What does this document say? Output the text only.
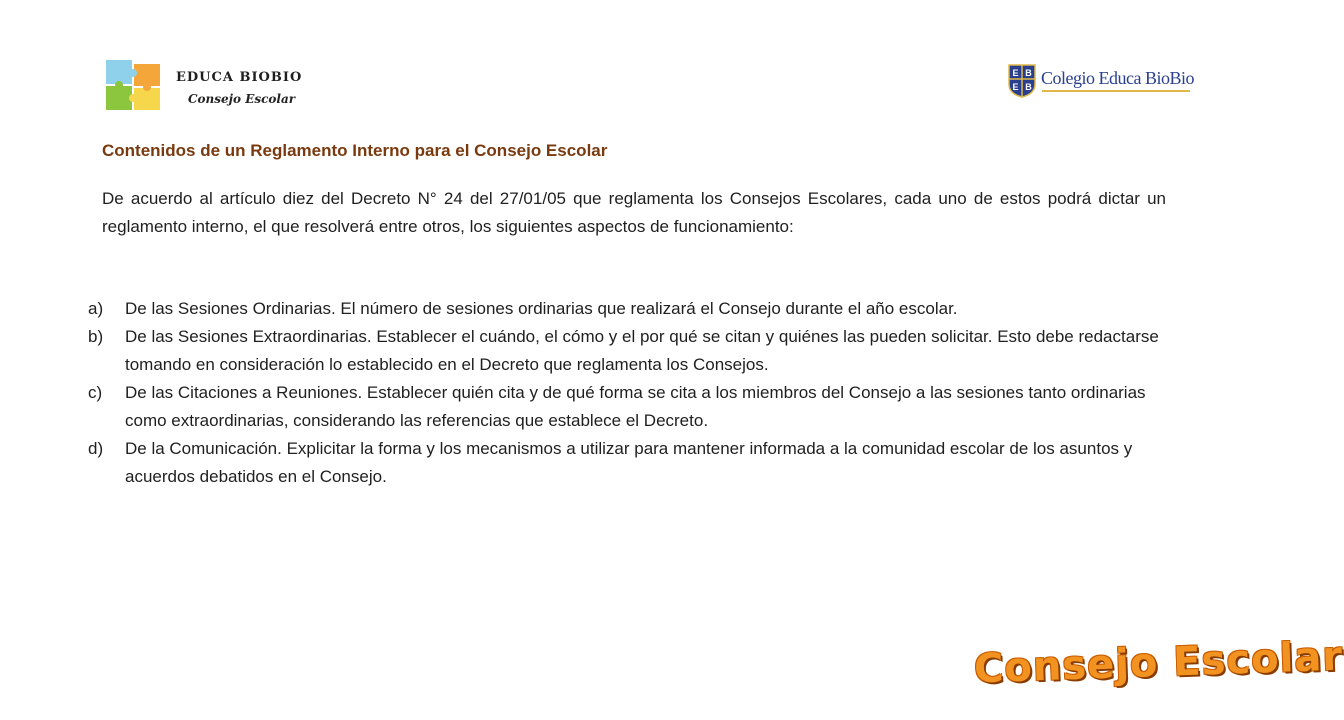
EDUCA BIOBIO
Consejo Escolar
E B
E B Colegio Educa BioBio
Contenidos de un Reglamento Interno para el Consejo Escolar

De acuerdo al artículo diez del Decreto N° 24 del 27/01/05 que reglamenta los Consejos Escolares, cada uno de estos podrá dictar un reglamento interno, el que resolverá entre otros, los siguientes aspectos de funcionamiento:

a) De las Sesiones Ordinarias. El número de sesiones ordinarias que realizará el Consejo durante el año escolar.
b) De las Sesiones Extraordinarias. Establecer el cuándo, el cómo y el por qué se citan y quiénes las pueden solicitar. Esto debe redactarse tomando en consideración lo establecido en el Decreto que reglamenta los Consejos.
c) De las Citaciones a Reuniones. Establecer quién cita y de qué forma se cita a los miembros del Consejo a las sesiones tanto ordinarias como extraordinarias, considerando las referencias que establece el Decreto.
d) De la Comunicación. Explicitar la forma y los mecanismos a utilizar para mantener informada a la comunidad escolar de los asuntos y acuerdos debatidos en el Consejo.
Consejo Escolar
